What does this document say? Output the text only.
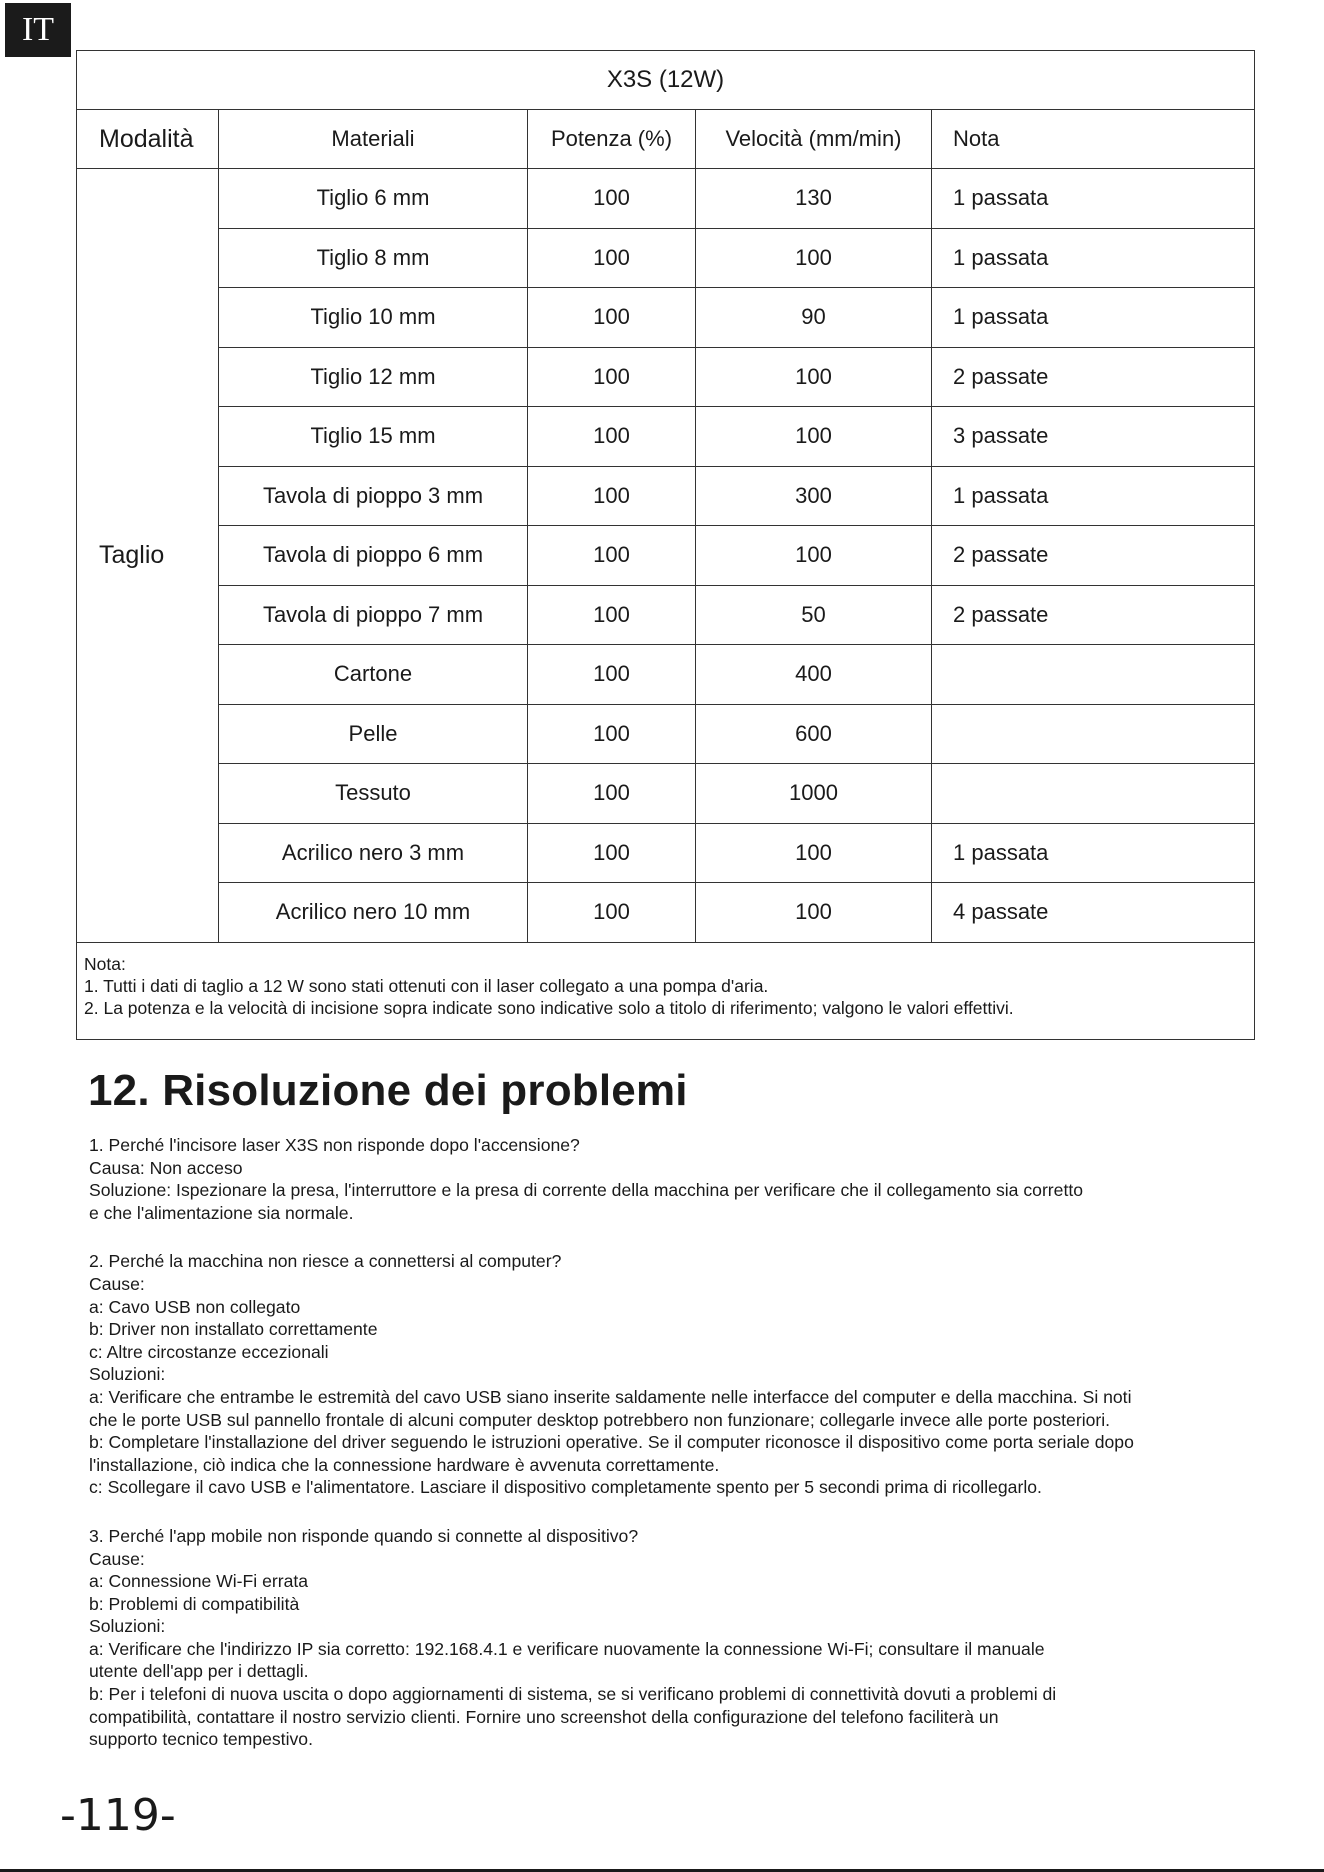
IT
X3S (12W)				
Modalità	Materiali	Potenza (%)	Velocità (mm/min)	Nota
Taglio	Tiglio 6 mm	100	130	1 passata
	Tiglio 8 mm	100	100	1 passata
	Tiglio 10 mm	100	90	1 passata
	Tiglio 12 mm	100	100	2 passate
	Tiglio 15 mm	100	100	3 passate
	Tavola di pioppo 3 mm	100	300	1 passata
	Tavola di pioppo 6 mm	100	100	2 passate
	Tavola di pioppo 7 mm	100	50	2 passate
	Cartone	100	400	
	Pelle	100	600	
	Tessuto	100	1000	
	Acrilico nero 3 mm	100	100	1 passata
	Acrilico nero 10 mm	100	100	4 passate

Nota:
1. Tutti i dati di taglio a 12 W sono stati ottenuti con il laser collegato a una pompa d'aria.
2. La potenza e la velocità di incisione sopra indicate sono indicative solo a titolo di riferimento; valgono le valori effettivi.				
12. Risoluzione dei problemi
1. Perché l'incisore laser X3S non risponde dopo l'accensione?
Causa: Non acceso
Soluzione: Ispezionare la presa, l'interruttore e la presa di corrente della macchina per verificare che il collegamento sia corretto
e che l'alimentazione sia normale.
2. Perché la macchina non riesce a connettersi al computer?
Cause:
a: Cavo USB non collegato
b: Driver non installato correttamente
c: Altre circostanze eccezionali
Soluzioni:
a: Verificare che entrambe le estremità del cavo USB siano inserite saldamente nelle interfacce del computer e della macchina. Si noti
che le porte USB sul pannello frontale di alcuni computer desktop potrebbero non funzionare; collegarle invece alle porte posteriori.
b: Completare l'installazione del driver seguendo le istruzioni operative. Se il computer riconosce il dispositivo come porta seriale dopo
l'installazione, ciò indica che la connessione hardware è avvenuta correttamente.
c: Scollegare il cavo USB e l'alimentatore. Lasciare il dispositivo completamente spento per 5 secondi prima di ricollegarlo.
3. Perché l'app mobile non risponde quando si connette al dispositivo?
Cause:
a: Connessione Wi-Fi errata
b: Problemi di compatibilità
Soluzioni:
a: Verificare che l'indirizzo IP sia corretto: 192.168.4.1 e verificare nuovamente la connessione Wi-Fi; consultare il manuale
utente dell'app per i dettagli.
b: Per i telefoni di nuova uscita o dopo aggiornamenti di sistema, se si verificano problemi di connettività dovuti a problemi di
compatibilità, contattare il nostro servizio clienti. Fornire uno screenshot della configurazione del telefono faciliterà un
supporto tecnico tempestivo.
-119-
